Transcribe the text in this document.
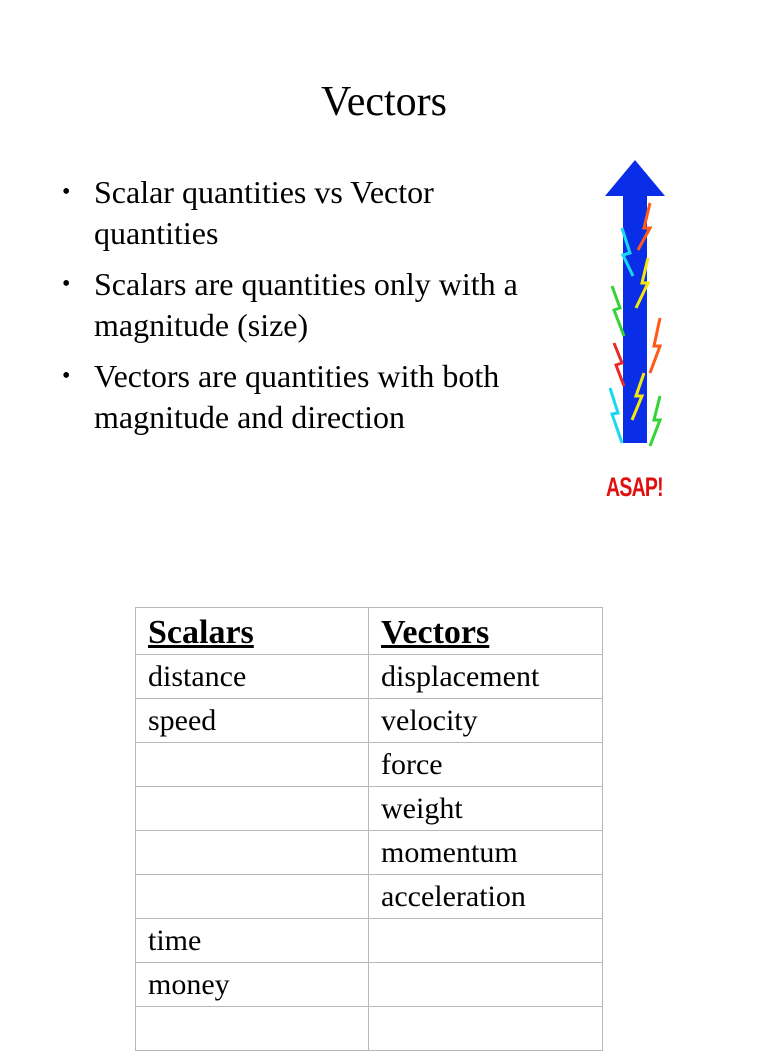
Vectors
• Scalar quantities vs Vector quantities
• Scalars are quantities only with a magnitude (size)
• Vectors are quantities with both magnitude and direction
ASAP!
Scalars	Vectors
distance	displacement
speed	velocity
	force
	weight
	momentum
	acceleration
time	
money	
